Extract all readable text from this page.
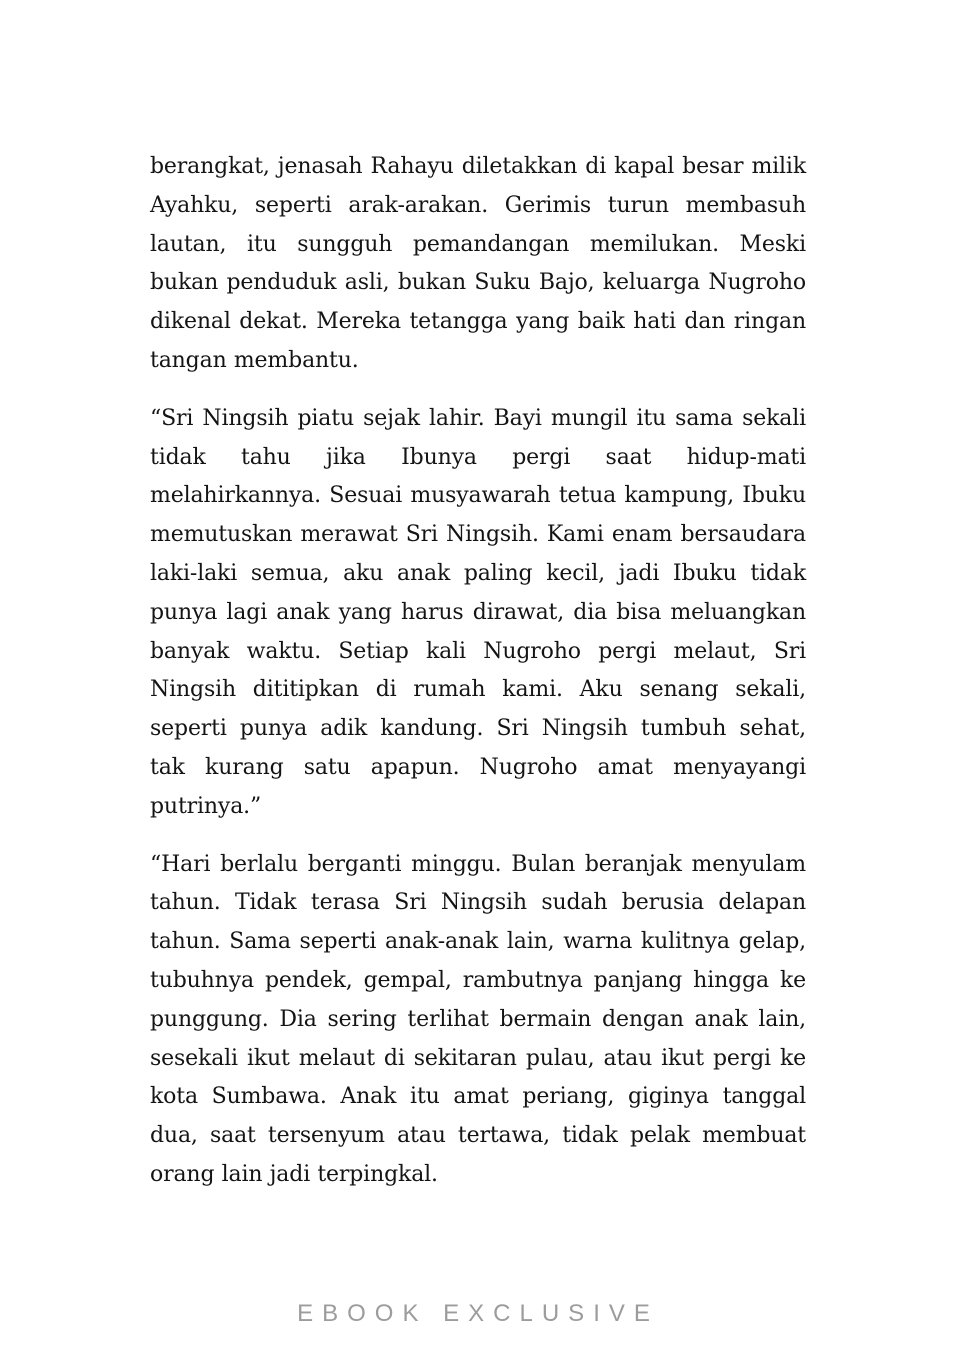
berangkat, jenasah Rahayu diletakkan di kapal besar milik Ayahku, seperti arak-arakan. Gerimis turun membasuh lautan, itu sungguh pemandangan memilukan. Meski bukan penduduk asli, bukan Suku Bajo, keluarga Nugroho dikenal dekat. Mereka tetangga yang baik hati dan ringan tangan membantu.

“Sri Ningsih piatu sejak lahir. Bayi mungil itu sama sekali tidak tahu jika Ibunya pergi saat hidup-mati melahirkannya. Sesuai musyawarah tetua kampung, Ibuku memutuskan merawat Sri Ningsih. Kami enam bersaudara laki-laki semua, aku anak paling kecil, jadi Ibuku tidak punya lagi anak yang harus dirawat, dia bisa meluangkan banyak waktu. Setiap kali Nugroho pergi melaut, Sri Ningsih dititipkan di rumah kami. Aku senang sekali, seperti punya adik kandung. Sri Ningsih tumbuh sehat, tak kurang satu apapun. Nugroho amat menyayangi putrinya.”

“Hari berlalu berganti minggu. Bulan beranjak menyulam tahun. Tidak terasa Sri Ningsih sudah berusia delapan tahun. Sama seperti anak-anak lain, warna kulitnya gelap, tubuhnya pendek, gempal, rambutnya panjang hingga ke punggung. Dia sering terlihat bermain dengan anak lain, sesekali ikut melaut di sekitaran pulau, atau ikut pergi ke kota Sumbawa. Anak itu amat periang, giginya tanggal dua, saat tersenyum atau tertawa, tidak pelak membuat orang lain jadi terpingkal.

EBOOK EXCLUSIVE
